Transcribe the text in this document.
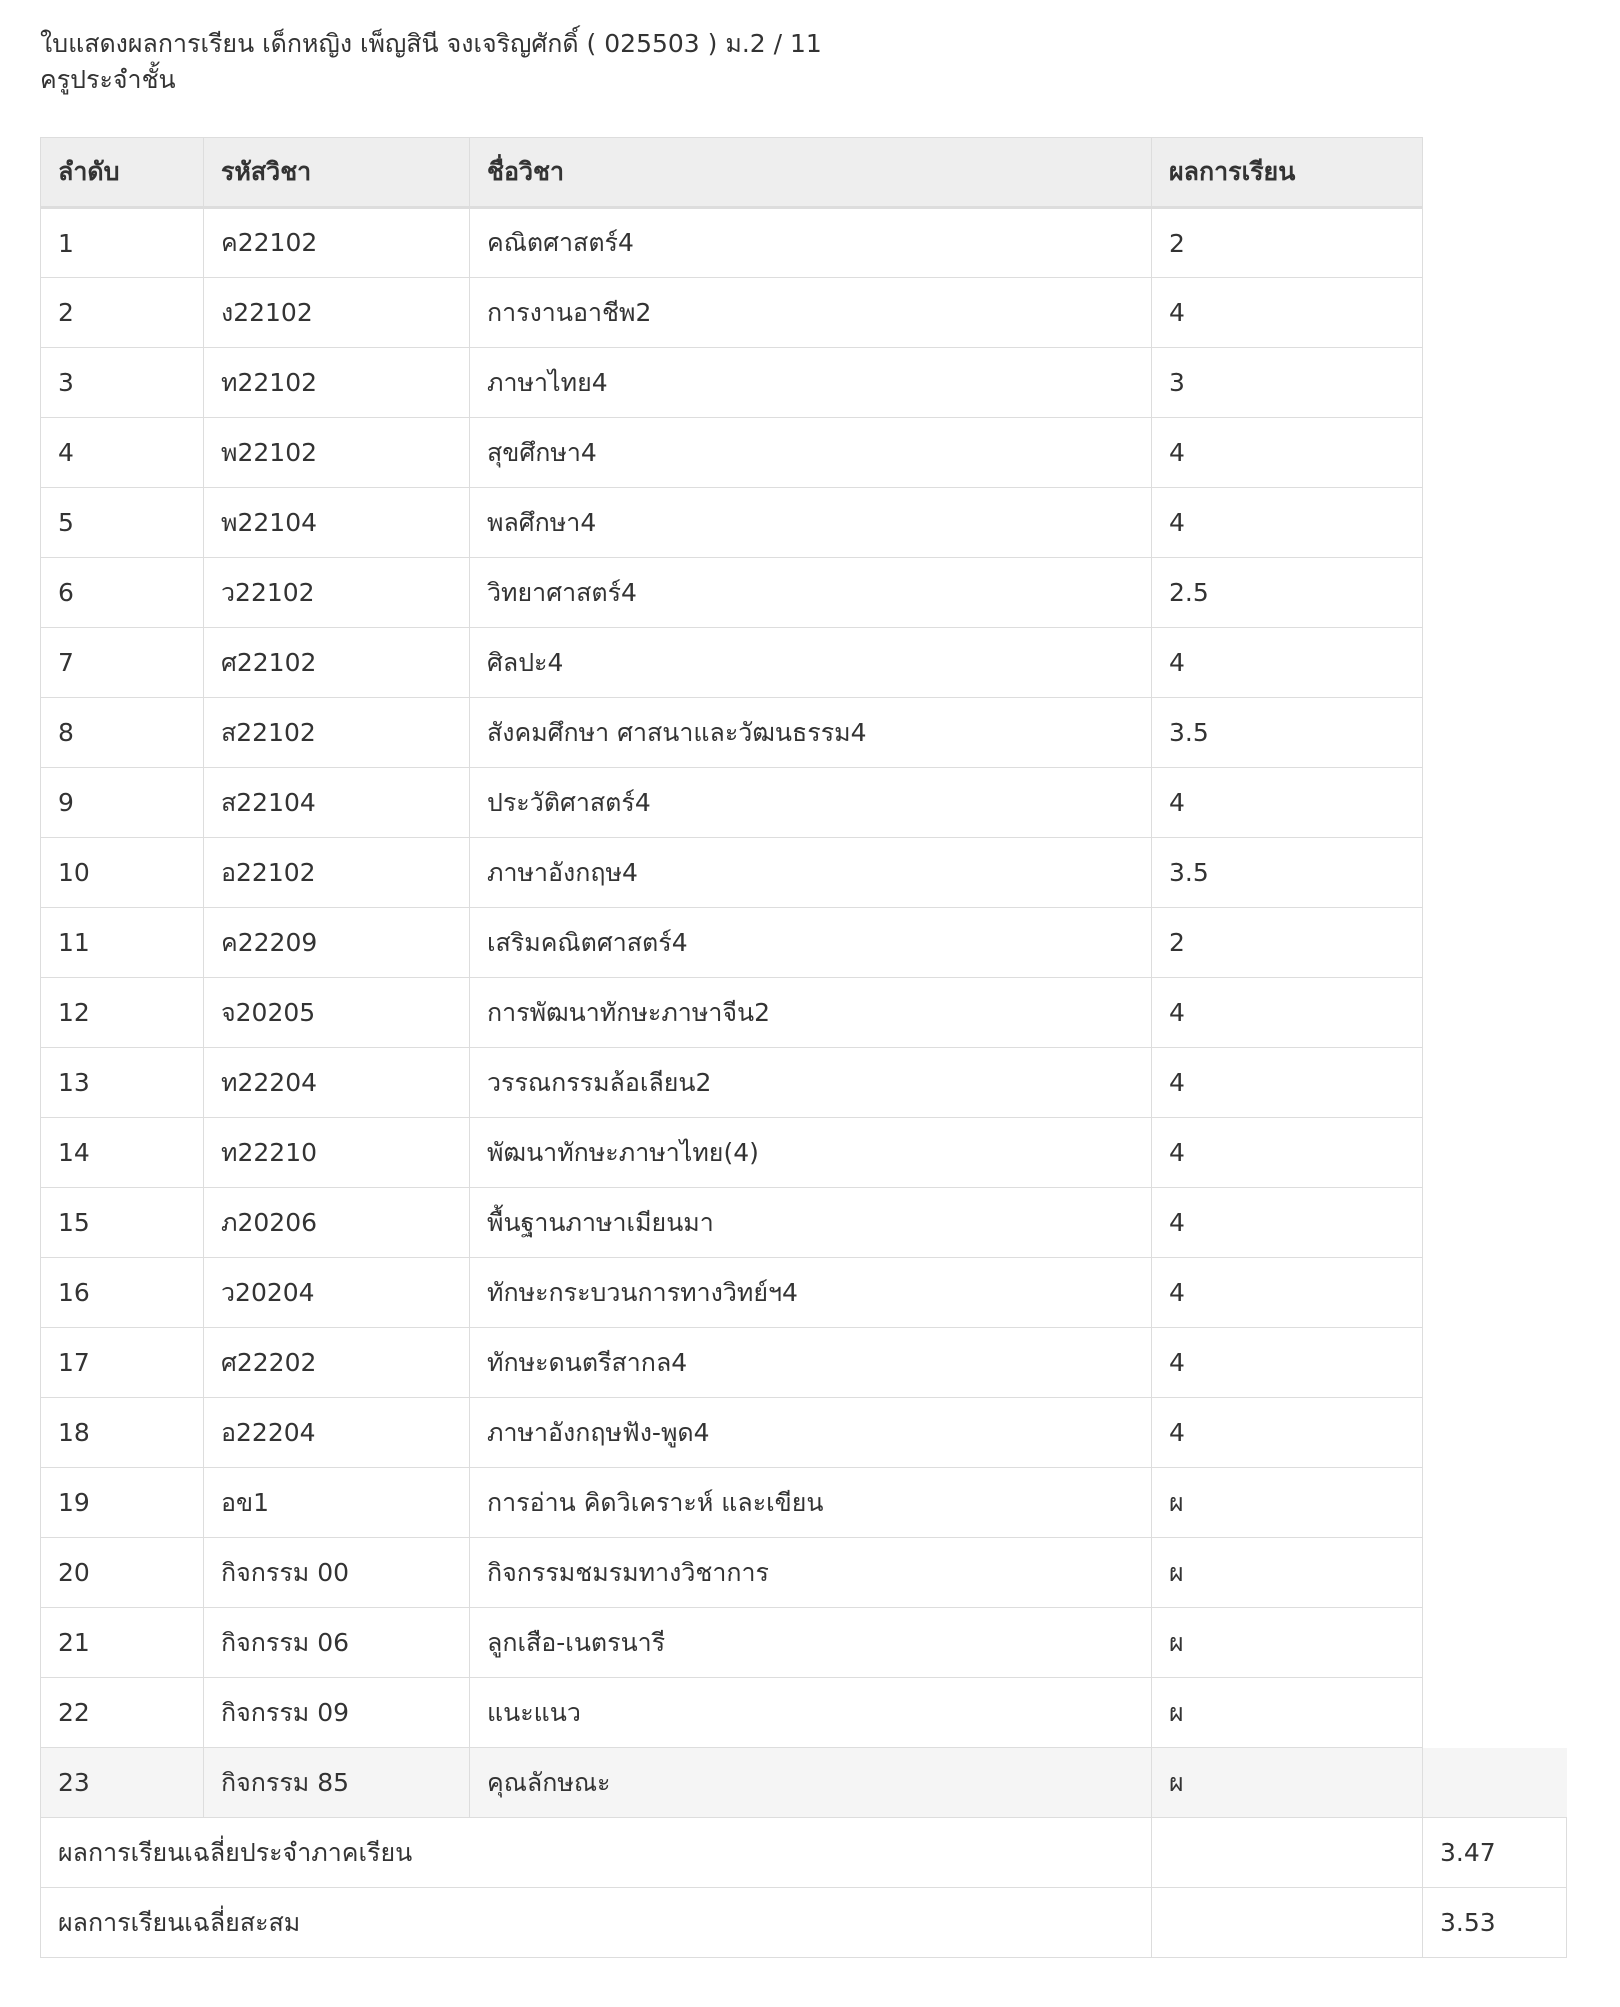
ใบแสดงผลการเรียน เด็กหญิง เพ็ญสินี จงเจริญศักดิ์ ( 025503 ) ม.2 / 11
ครูประจำชั้น
ลำดับ	รหัสวิชา	ชื่อวิชา	ผลการเรียน	
1	ค22102	คณิตศาสตร์4	2	
2	ง22102	การงานอาชีพ2	4	
3	ท22102	ภาษาไทย4	3	
4	พ22102	สุขศึกษา4	4	
5	พ22104	พลศึกษา4	4	
6	ว22102	วิทยาศาสตร์4	2.5	
7	ศ22102	ศิลปะ4	4	
8	ส22102	สังคมศึกษา ศาสนาและวัฒนธรรม4	3.5	
9	ส22104	ประวัติศาสตร์4	4	
10	อ22102	ภาษาอังกฤษ4	3.5	
11	ค22209	เสริมคณิตศาสตร์4	2	
12	จ20205	การพัฒนาทักษะภาษาจีน2	4	
13	ท22204	วรรณกรรมล้อเลียน2	4	
14	ท22210	พัฒนาทักษะภาษาไทย(4)	4	
15	ภ20206	พื้นฐานภาษาเมียนมา	4	
16	ว20204	ทักษะกระบวนการทางวิทย์ฯ4	4	
17	ศ22202	ทักษะดนตรีสากล4	4	
18	อ22204	ภาษาอังกฤษฟัง-พูด4	4	
19	อข1	การอ่าน คิดวิเคราะห์ และเขียน	ผ	
20	กิจกรรม 00	กิจกรรมชมรมทางวิชาการ	ผ	
21	กิจกรรม 06	ลูกเสือ-เนตรนารี	ผ	
22	กิจกรรม 09	แนะแนว	ผ	
23	กิจกรรม 85	คุณลักษณะ	ผ	
ผลการเรียนเฉลี่ยประจำภาคเรียน				3.47
ผลการเรียนเฉลี่ยสะสม				3.53
